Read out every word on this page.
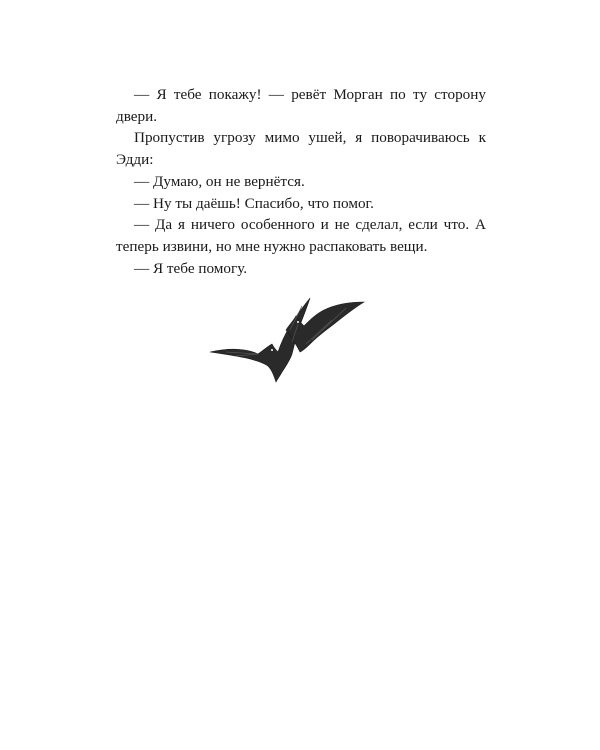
— Я тебе покажу! — ревёт Морган по ту сторону двери.

Пропустив угрозу мимо ушей, я поворачиваюсь к Эдди:

— Думаю, он не вернётся.

— Ну ты даёшь! Спасибо, что помог.

— Да я ничего особенного и не сделал, если что. А теперь извини, но мне нужно распаковать вещи.

— Я тебе помогу.
